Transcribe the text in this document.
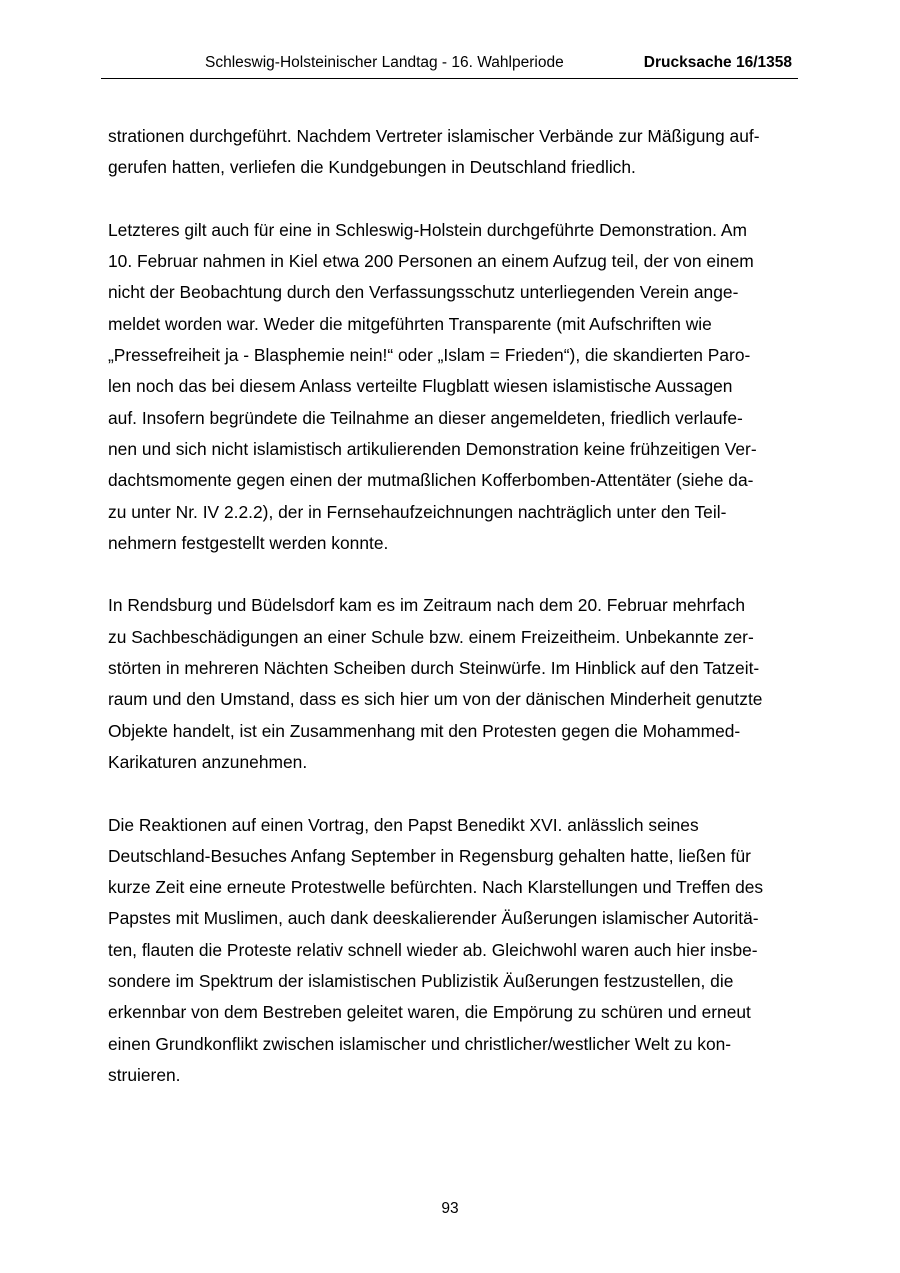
Schleswig-Holsteinischer Landtag - 16. Wahlperiode	Drucksache 16/1358

strationen durchgeführt. Nachdem Vertreter islamischer Verbände zur Mäßigung auf-
gerufen hatten, verliefen die Kundgebungen in Deutschland friedlich.

Letzteres gilt auch für eine in Schleswig-Holstein durchgeführte Demonstration. Am
10. Februar nahmen in Kiel etwa 200 Personen an einem Aufzug teil, der von einem
nicht der Beobachtung durch den Verfassungsschutz unterliegenden Verein ange-
meldet worden war. Weder die mitgeführten Transparente (mit Aufschriften wie
„Pressefreiheit ja - Blasphemie nein!“ oder „Islam = Frieden“), die skandierten Paro-
len noch das bei diesem Anlass verteilte Flugblatt wiesen islamistische Aussagen
auf. Insofern begründete die Teilnahme an dieser angemeldeten, friedlich verlaufe-
nen und sich nicht islamistisch artikulierenden Demonstration keine frühzeitigen Ver-
dachtsmomente gegen einen der mutmaßlichen Kofferbomben-Attentäter (siehe da-
zu unter Nr. IV 2.2.2), der in Fernsehaufzeichnungen nachträglich unter den Teil-
nehmern festgestellt werden konnte.

In Rendsburg und Büdelsdorf kam es im Zeitraum nach dem 20. Februar mehrfach
zu Sachbeschädigungen an einer Schule bzw. einem Freizeitheim. Unbekannte zer-
störten in mehreren Nächten Scheiben durch Steinwürfe. Im Hinblick auf den Tatzeit-
raum und den Umstand, dass es sich hier um von der dänischen Minderheit genutzte
Objekte handelt, ist ein Zusammenhang mit den Protesten gegen die Mohammed-
Karikaturen anzunehmen.

Die Reaktionen auf einen Vortrag, den Papst Benedikt XVI. anlässlich seines
Deutschland-Besuches Anfang September in Regensburg gehalten hatte, ließen für
kurze Zeit eine erneute Protestwelle befürchten. Nach Klarstellungen und Treffen des
Papstes mit Muslimen, auch dank deeskalierender Äußerungen islamischer Autoritä-
ten, flauten die Proteste relativ schnell wieder ab. Gleichwohl waren auch hier insbe-
sondere im Spektrum der islamistischen Publizistik Äußerungen festzustellen, die
erkennbar von dem Bestreben geleitet waren, die Empörung zu schüren und erneut
einen Grundkonflikt zwischen islamischer und christlicher/westlicher Welt zu kon-
struieren.

93
